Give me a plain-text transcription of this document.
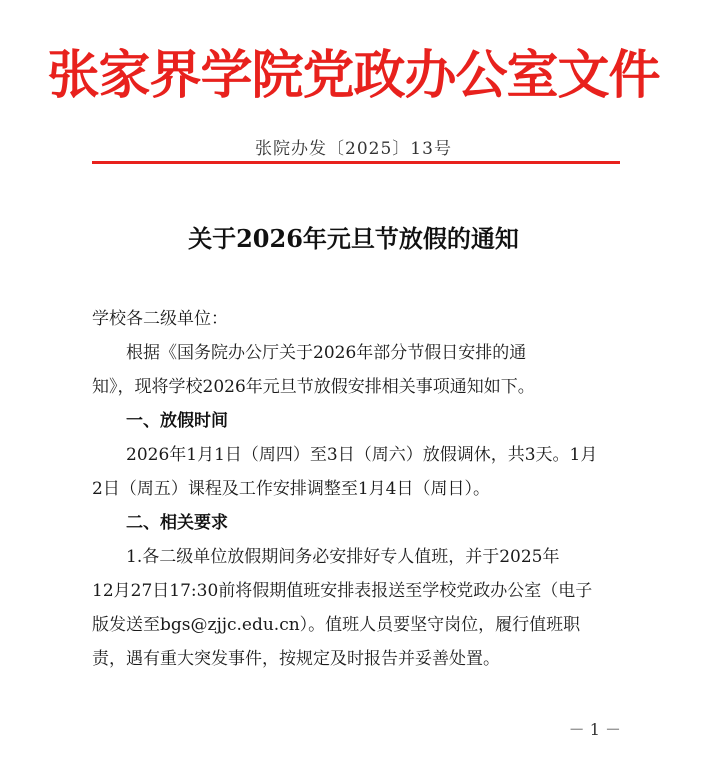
张家界学院党政办公室文件
张院办发〔2025〕13号
关于2026年元旦节放假的通知

学校各二级单位：

根据《国务院办公厅关于2026年部分节假日安排的通

知》，现将学校2026年元旦节放假安排相关事项通知如下。

一、放假时间

2026年1月1日（周四）至3日（周六）放假调休，共3天。1月

2日（周五）课程及工作安排调整至1月4日（周日）。

二、相关要求

1.各二级单位放假期间务必安排好专人值班，并于2025年

12月27日17:30前将假期值班安排表报送至学校党政办公室（电子

版发送至bgs@zjjc.edu.cn）。值班人员要坚守岗位，履行值班职

责，遇有重大突发事件，按规定及时报告并妥善处置。

－ 1 －
